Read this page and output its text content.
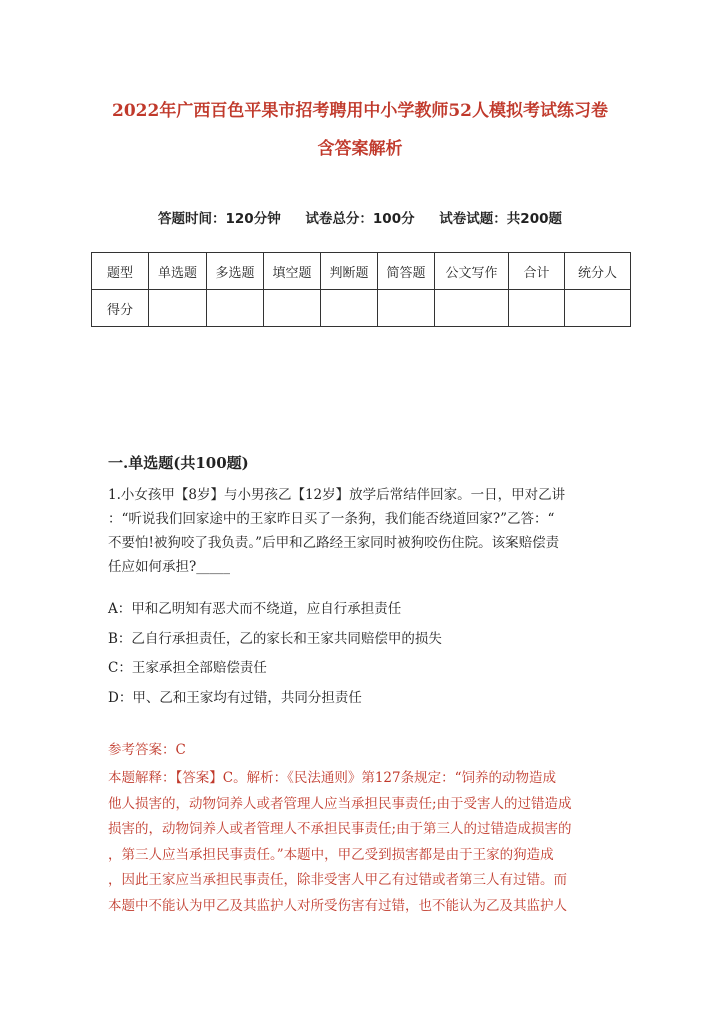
2022年广西百色平果市招考聘用中小学教师52人模拟考试练习卷
含答案解析
答题时间：120分钟 试卷总分：100分 试卷试题：共200题
题型	单选题	多选题	填空题	判断题	简答题	公文写作	合计	统分人
得分								
一.单选题(共100题)
1.小女孩甲【8岁】与小男孩乙【12岁】放学后常结伴回家。一日，甲对乙讲
：“听说我们回家途中的王家昨日买了一条狗，我们能否绕道回家?”乙答：“
不要怕!被狗咬了我负责。”后甲和乙路经王家同时被狗咬伤住院。该案赔偿责
任应如何承担?_____
A：甲和乙明知有恶犬而不绕道，应自行承担责任
B：乙自行承担责任，乙的家长和王家共同赔偿甲的损失
C：王家承担全部赔偿责任
D：甲、乙和王家均有过错，共同分担责任
参考答案：C
本题解释：【答案】C。解析：《民法通则》第127条规定：“饲养的动物造成
他人损害的，动物饲养人或者管理人应当承担民事责任;由于受害人的过错造成
损害的，动物饲养人或者管理人不承担民事责任;由于第三人的过错造成损害的
，第三人应当承担民事责任。”本题中，甲乙受到损害都是由于王家的狗造成
，因此王家应当承担民事责任，除非受害人甲乙有过错或者第三人有过错。而
本题中不能认为甲乙及其监护人对所受伤害有过错，也不能认为乙及其监护人
